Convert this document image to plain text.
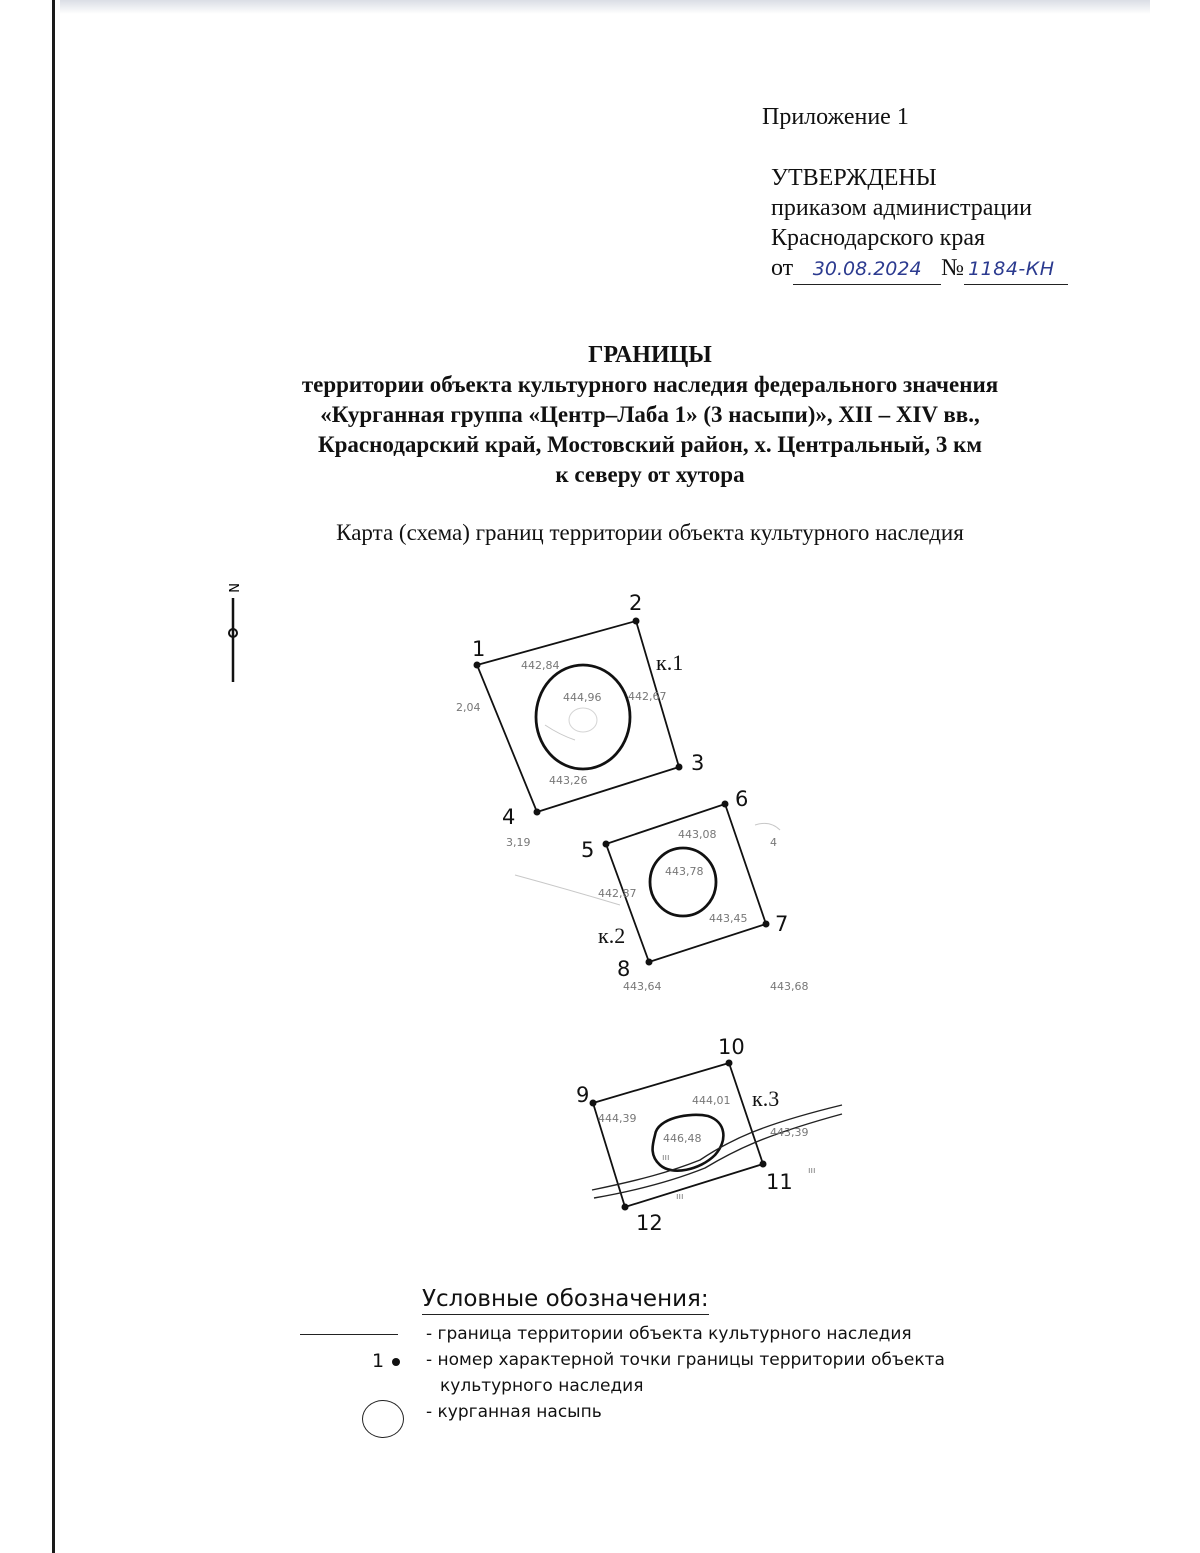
Приложение 1
УТВЕРЖДЕНЫ
приказом администрации
Краснодарского края
от 30.08.2024 № 1184-КН
ГРАНИЦЫ
территории объекта культурного наследия федерального значения
«Курганная группа «Центр–Лаба 1» (3 насыпи)», XII – XIV вв.,
Краснодарский край, Мостовский район, х. Центральный, 3 км
к северу от хутора
Карта (схема) границ территории объекта культурного наследия
N
1
2
3
4
5
6
7
8
9
10
11
12
к.1
к.2
к.3
442,84
444,96 442,67
443,26
2,04
3,19
443,08
443,78
442,87
443,45
4
443,64	443,68
444,39
444,01
446,48	443,39
ııı
ııı
ııı
Условные обозначения:
- граница территории объекта культурного наследия
1 - номер характерной точки границы территории объекта
культурного наследия
- курганная насыпь
